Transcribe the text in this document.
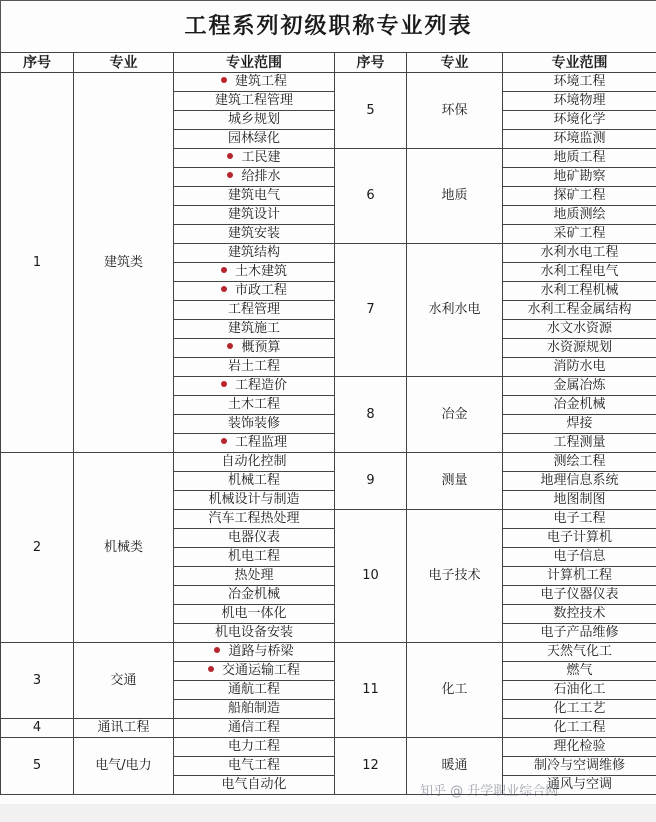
工程系列初级职称专业列表
序号	专业	专业范围	序号	专业	专业范围
1	建筑类	建筑工程	5	环保	环境工程
		建筑工程管理			环境物理
		城乡规划			环境化学
		园林绿化			环境监测
		工民建	6	地质	地质工程
		给排水			地矿勘察
		建筑电气			探矿工程
		建筑设计			地质测绘
		建筑安装			采矿工程
		建筑结构	7	水利水电	水利水电工程
		土木建筑			水利工程电气
		市政工程			水利工程机械
		工程管理			水利工程金属结构
		建筑施工			水文水资源
		概预算			水资源规划
		岩土工程			消防水电
		工程造价	8	冶金	金属冶炼
		土木工程			冶金机械
		装饰装修			焊接
		工程监理			工程测量
2	机械类	自动化控制	9	测量	测绘工程
		机械工程			地理信息系统
		机械设计与制造			地图制图
		汽车工程热处理	10	电子技术	电子工程
		电器仪表			电子计算机
		机电工程			电子信息
		热处理			计算机工程
		冶金机械			电子仪器仪表
		机电一体化			数控技术
		机电设备安装			电子产品维修
3	交通	道路与桥梁	11	化工	天然气化工
		交通运输工程			燃气
		通航工程			石油化工
		船舶制造			化工工艺
4	通讯工程	通信工程			化工工程
5	电气/电力	电力工程	12	暖通	理化检验
		电气工程			制冷与空调维修
		电气自动化			通风与空调
知乎 @ 升学职业综合网
